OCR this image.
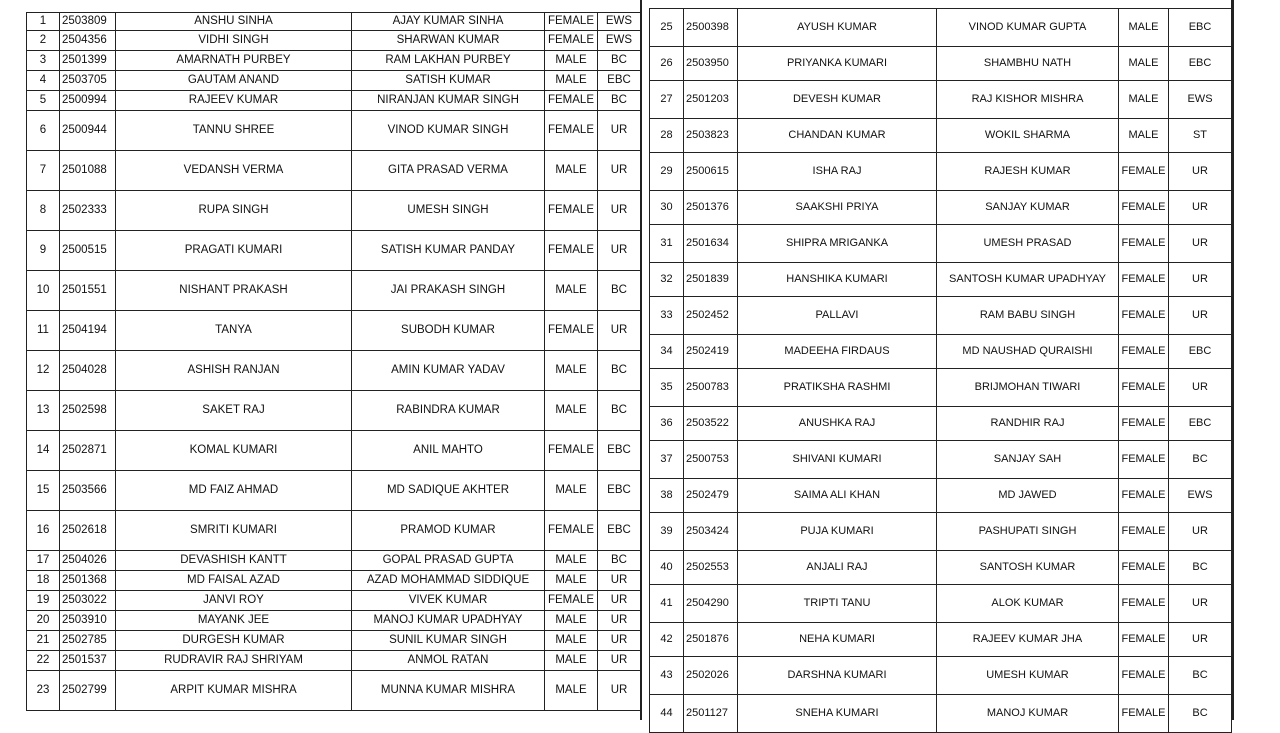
1	2503809	ANSHU SINHA	AJAY KUMAR SINHA	FEMALE	EWS
2	2504356	VIDHI SINGH	SHARWAN KUMAR	FEMALE	EWS
3	2501399	AMARNATH PURBEY	RAM LAKHAN PURBEY	MALE	BC
4	2503705	GAUTAM ANAND	SATISH KUMAR	MALE	EBC
5	2500994	RAJEEV KUMAR	NIRANJAN KUMAR SINGH	FEMALE	BC
6	2500944	TANNU SHREE	VINOD KUMAR SINGH	FEMALE	UR
7	2501088	VEDANSH VERMA	GITA PRASAD VERMA	MALE	UR
8	2502333	RUPA SINGH	UMESH SINGH	FEMALE	UR
9	2500515	PRAGATI KUMARI	SATISH KUMAR PANDAY	FEMALE	UR
10	2501551	NISHANT PRAKASH	JAI PRAKASH SINGH	MALE	BC
11	2504194	TANYA	SUBODH KUMAR	FEMALE	UR
12	2504028	ASHISH RANJAN	AMIN KUMAR YADAV	MALE	BC
13	2502598	SAKET RAJ	RABINDRA KUMAR	MALE	BC
14	2502871	KOMAL KUMARI	ANIL MAHTO	FEMALE	EBC
15	2503566	MD FAIZ AHMAD	MD SADIQUE AKHTER	MALE	EBC
16	2502618	SMRITI KUMARI	PRAMOD KUMAR	FEMALE	EBC
17	2504026	DEVASHISH KANTT	GOPAL PRASAD GUPTA	MALE	BC
18	2501368	MD FAISAL AZAD	AZAD MOHAMMAD SIDDIQUE	MALE	UR
19	2503022	JANVI ROY	VIVEK KUMAR	FEMALE	UR
20	2503910	MAYANK JEE	MANOJ KUMAR UPADHYAY	MALE	UR
21	2502785	DURGESH KUMAR	SUNIL KUMAR SINGH	MALE	UR
22	2501537	RUDRAVIR RAJ SHRIYAM	ANMOL RATAN	MALE	UR
23	2502799	ARPIT KUMAR MISHRA	MUNNA KUMAR MISHRA	MALE	UR
25	2500398	AYUSH KUMAR	VINOD KUMAR GUPTA	MALE	EBC
26	2503950	PRIYANKA KUMARI	SHAMBHU NATH	MALE	EBC
27	2501203	DEVESH KUMAR	RAJ KISHOR MISHRA	MALE	EWS
28	2503823	CHANDAN KUMAR	WOKIL SHARMA	MALE	ST
29	2500615	ISHA RAJ	RAJESH KUMAR	FEMALE	UR
30	2501376	SAAKSHI PRIYA	SANJAY KUMAR	FEMALE	UR
31	2501634	SHIPRA MRIGANKA	UMESH PRASAD	FEMALE	UR
32	2501839	HANSHIKA KUMARI	SANTOSH KUMAR UPADHYAY	FEMALE	UR
33	2502452	PALLAVI	RAM BABU SINGH	FEMALE	UR
34	2502419	MADEEHA FIRDAUS	MD NAUSHAD QURAISHI	FEMALE	EBC
35	2500783	PRATIKSHA RASHMI	BRIJMOHAN TIWARI	FEMALE	UR
36	2503522	ANUSHKA RAJ	RANDHIR RAJ	FEMALE	EBC
37	2500753	SHIVANI KUMARI	SANJAY SAH	FEMALE	BC
38	2502479	SAIMA ALI KHAN	MD JAWED	FEMALE	EWS
39	2503424	PUJA KUMARI	PASHUPATI SINGH	FEMALE	UR
40	2502553	ANJALI RAJ	SANTOSH KUMAR	FEMALE	BC
41	2504290	TRIPTI TANU	ALOK KUMAR	FEMALE	UR
42	2501876	NEHA KUMARI	RAJEEV KUMAR JHA	FEMALE	UR
43	2502026	DARSHNA KUMARI	UMESH KUMAR	FEMALE	BC
44	2501127	SNEHA KUMARI	MANOJ KUMAR	FEMALE	BC
